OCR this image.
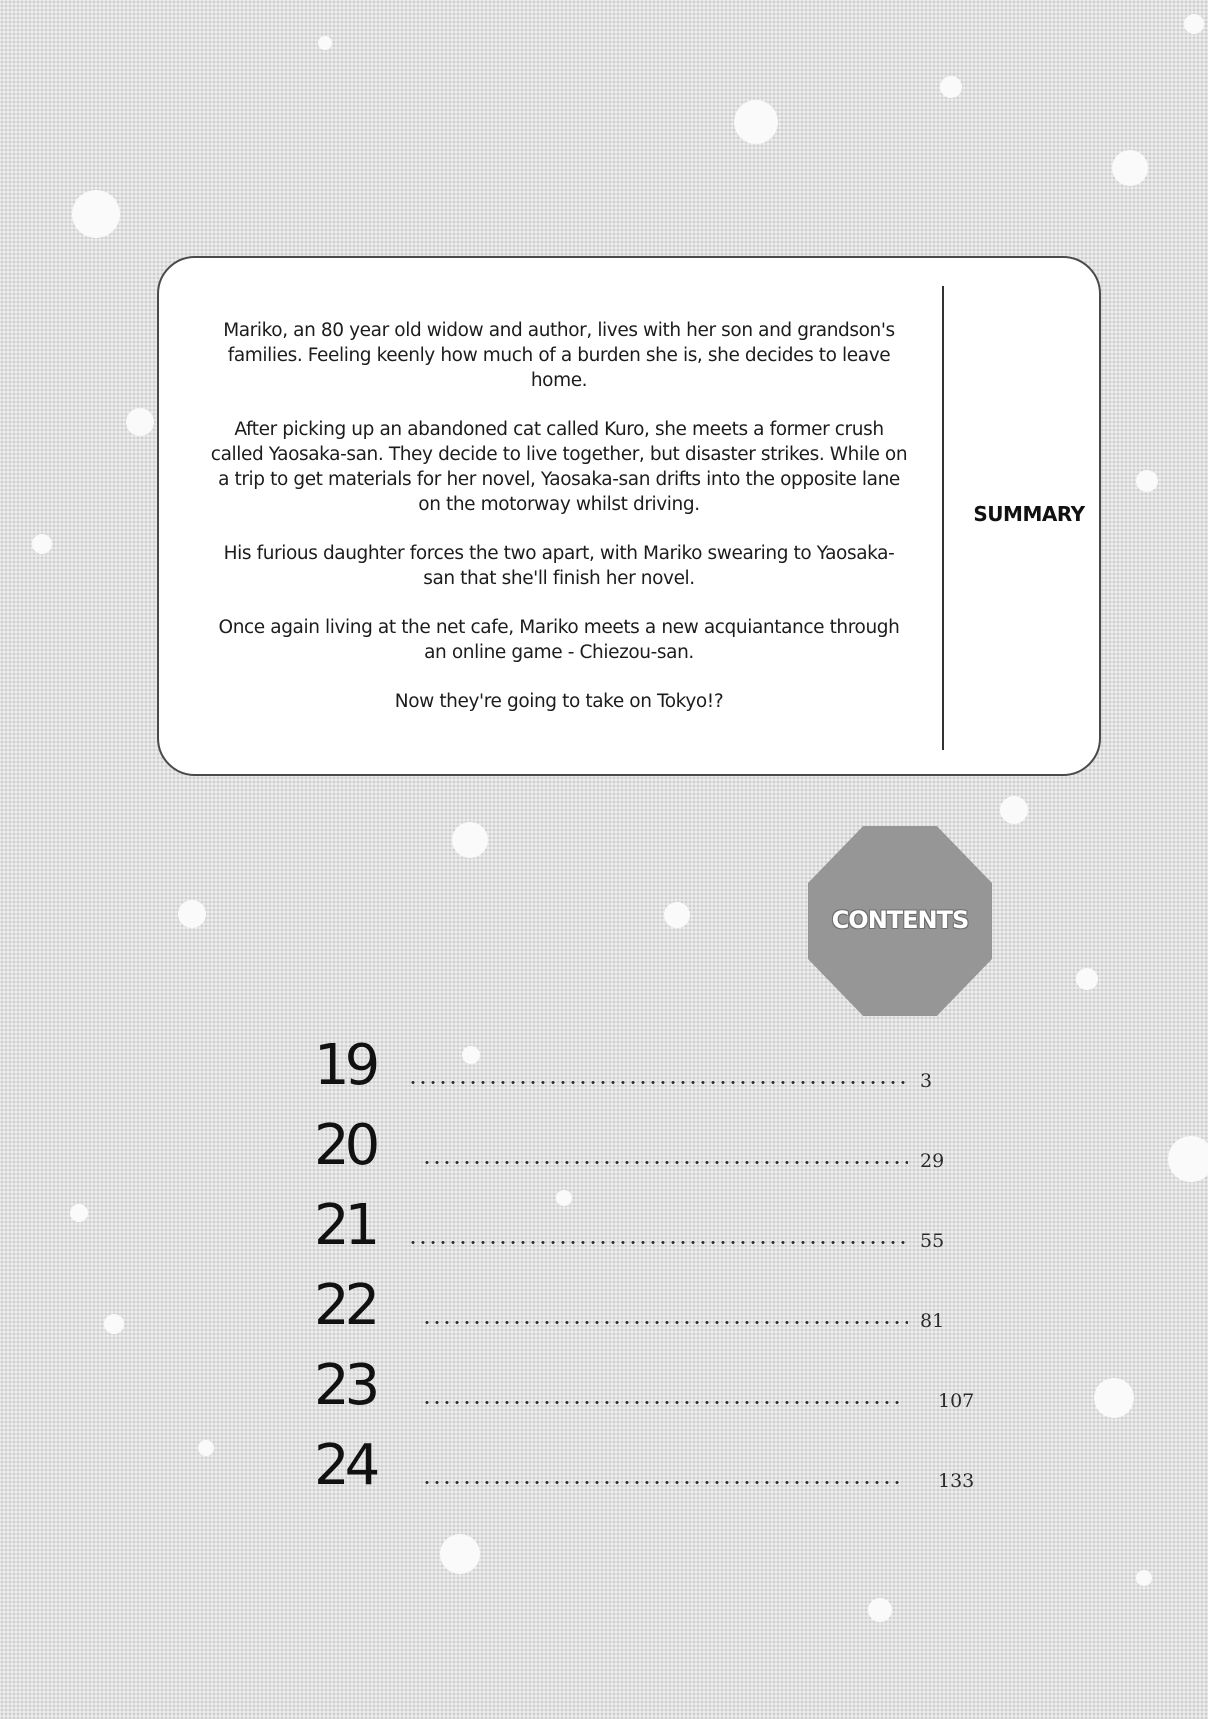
Mariko, an 80 year old widow and author, lives with her son and grandson's families. Feeling keenly how much of a burden she is, she decides to leave home.

After picking up an abandoned cat called Kuro, she meets a former crush called Yaosaka-san. They decide to live together, but disaster strikes. While on a trip to get materials for her novel, Yaosaka-san drifts into the opposite lane on the motorway whilst driving.

His furious daughter forces the two apart, with Mariko swearing to Yaosaka-san that she'll finish her novel.

Once again living at the net cafe, Mariko meets a new acquiantance through an online game - Chiezou-san.

Now they're going to take on Tokyo!?

SUMMARY
CONTENTS
19	3
20	29
21	55
22	81
23	107
24	133
